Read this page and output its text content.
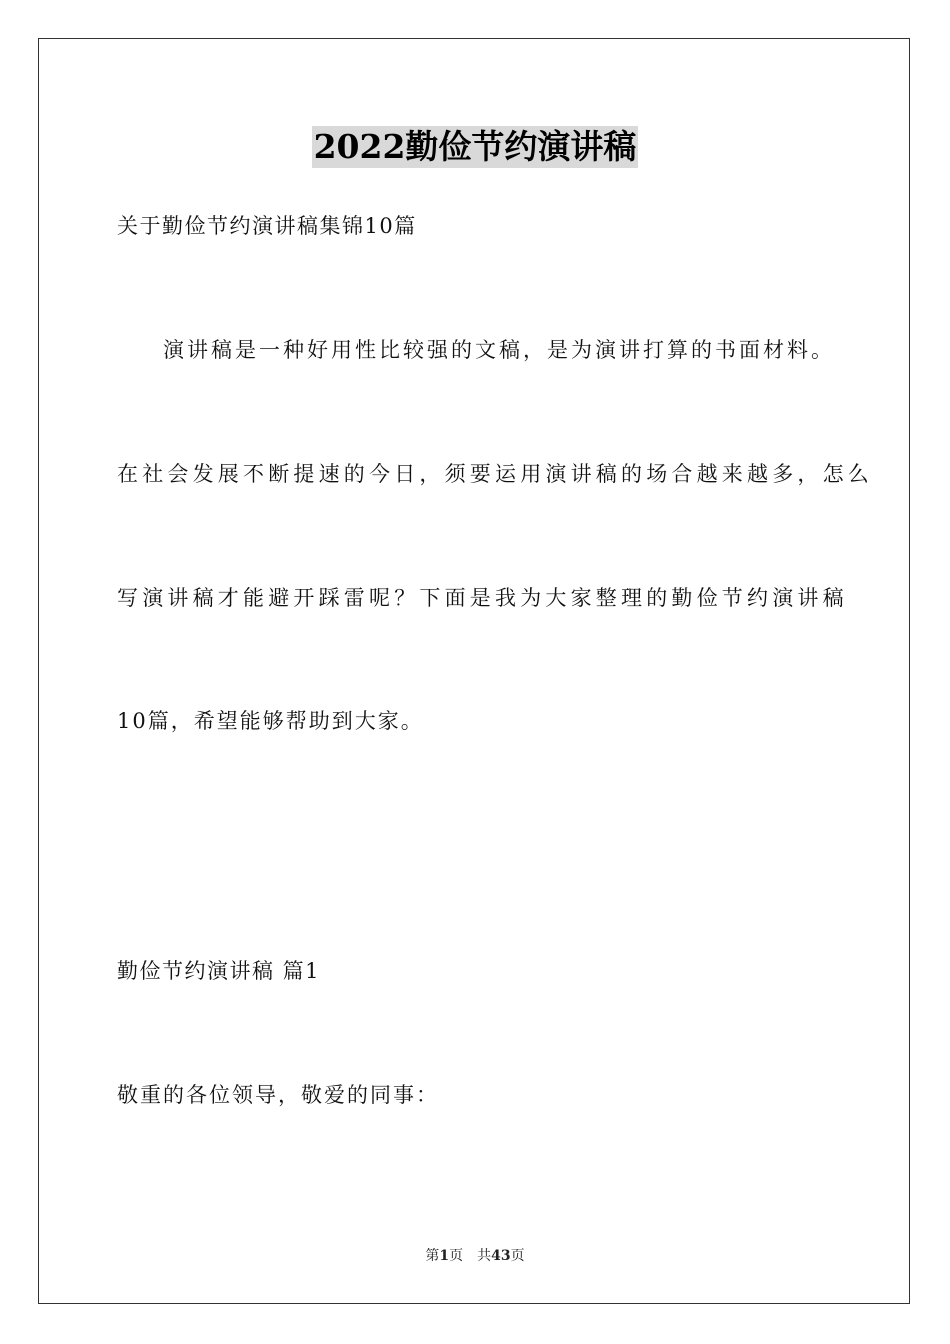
2022勤俭节约演讲稿
关于勤俭节约演讲稿集锦10篇
演讲稿是一种好用性比较强的文稿，是为演讲打算的书面材料。
在社会发展不断提速的今日，须要运用演讲稿的场合越来越多，怎么
写演讲稿才能避开踩雷呢？下面是我为大家整理的勤俭节约演讲稿
10篇，希望能够帮助到大家。
勤俭节约演讲稿 篇1
敬重的各位领导，敬爱的同事：
第1页 共43页
